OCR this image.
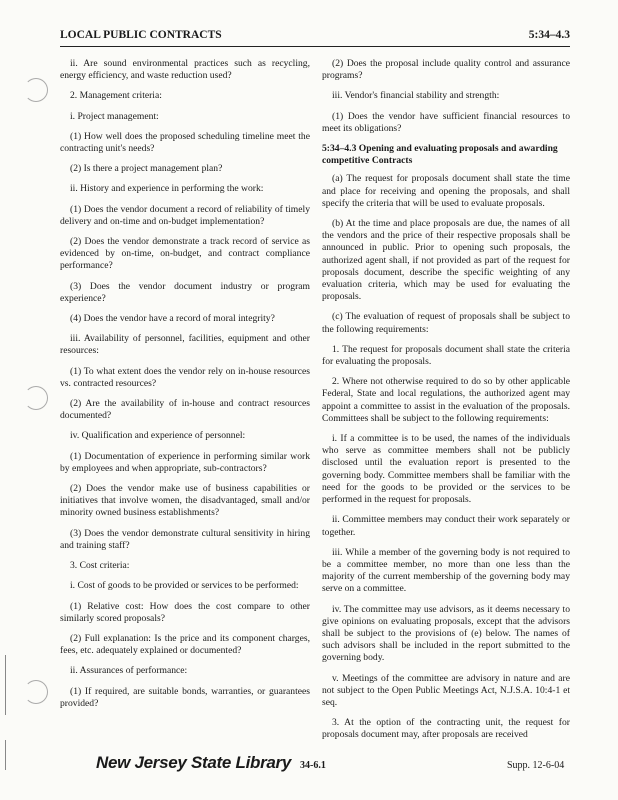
LOCAL PUBLIC CONTRACTS	5:34–4.3

ii. Are sound environmental practices such as recycling, energy efficiency, and waste reduction used?

2. Management criteria:

i. Project management:

(1) How well does the proposed scheduling timeline meet the contracting unit's needs?

(2) Is there a project management plan?

ii. History and experience in performing the work:

(1) Does the vendor document a record of reliability of timely delivery and on-time and on-budget implementation?

(2) Does the vendor demonstrate a track record of service as evidenced by on-time, on-budget, and contract compliance performance?

(3) Does the vendor document industry or program experience?

(4) Does the vendor have a record of moral integrity?

iii. Availability of personnel, facilities, equipment and other resources:

(1) To what extent does the vendor rely on in-house resources vs. contracted resources?

(2) Are the availability of in-house and contract resources documented?

iv. Qualification and experience of personnel:

(1) Documentation of experience in performing similar work by employees and when appropriate, sub-contractors?

(2) Does the vendor make use of business capabilities or initiatives that involve women, the disadvantaged, small and/or minority owned business establishments?

(3) Does the vendor demonstrate cultural sensitivity in hiring and training staff?

3. Cost criteria:

i. Cost of goods to be provided or services to be performed:

(1) Relative cost: How does the cost compare to other similarly scored proposals?

(2) Full explanation: Is the price and its component charges, fees, etc. adequately explained or documented?

ii. Assurances of performance:

(1) If required, are suitable bonds, warranties, or guarantees provided?

(2) Does the proposal include quality control and assurance programs?

iii. Vendor's financial stability and strength:

(1) Does the vendor have sufficient financial resources to meet its obligations?

5:34–4.3 Opening and evaluating proposals and awarding competitive Contracts

(a) The request for proposals document shall state the time and place for receiving and opening the proposals, and shall specify the criteria that will be used to evaluate proposals.

(b) At the time and place proposals are due, the names of all the vendors and the price of their respective proposals shall be announced in public. Prior to opening such proposals, the authorized agent shall, if not provided as part of the request for proposals document, describe the specific weighting of any evaluation criteria, which may be used for evaluating the proposals.

(c) The evaluation of request of proposals shall be subject to the following requirements:

1. The request for proposals document shall state the criteria for evaluating the proposals.

2. Where not otherwise required to do so by other applicable Federal, State and local regulations, the authorized agent may appoint a committee to assist in the evaluation of the proposals. Committees shall be subject to the following requirements:

i. If a committee is to be used, the names of the individuals who serve as committee members shall not be publicly disclosed until the evaluation report is presented to the governing body. Committee members shall be familiar with the need for the goods to be provided or the services to be performed in the request for proposals.

ii. Committee members may conduct their work separately or together.

iii. While a member of the governing body is not required to be a committee member, no more than one less than the majority of the current membership of the governing body may serve on a committee.

iv. The committee may use advisors, as it deems necessary to give opinions on evaluating proposals, except that the advisors shall be subject to the provisions of (e) below. The names of such advisors shall be included in the report submitted to the governing body.

v. Meetings of the committee are advisory in nature and are not subject to the Open Public Meetings Act, N.J.S.A. 10:4-1 et seq.

3. At the option of the contracting unit, the request for proposals document may, after proposals are received

New Jersey State Library 34-6.1	Supp. 12-6-04
